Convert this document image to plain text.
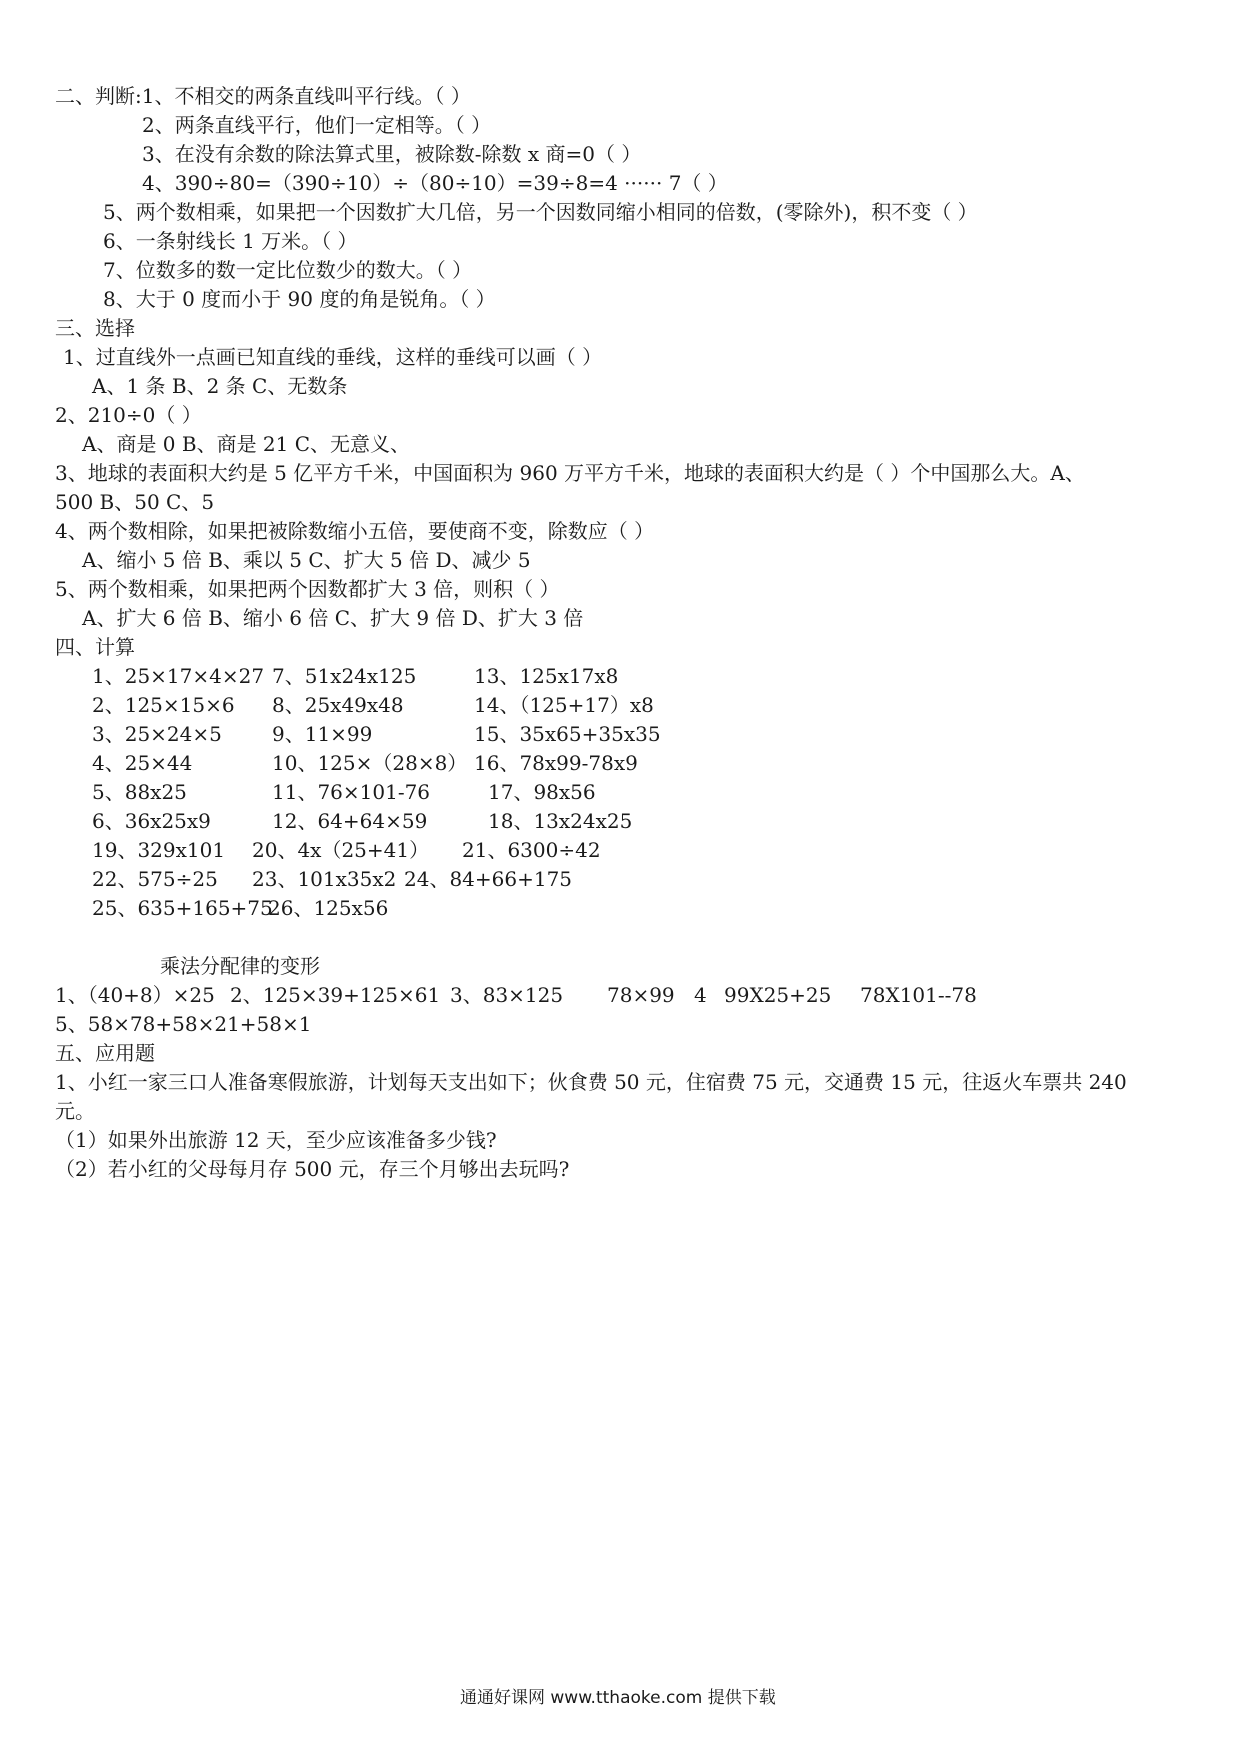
二、判断:1、不相交的两条直线叫平行线。（ ）
2、两条直线平行，他们一定相等。（ ）
3、在没有余数的除法算式里，被除数-除数 x 商=0（ ）
4、390÷80=（390÷10）÷（80÷10）=39÷8=4 ······ 7（ ）
5、两个数相乘，如果把一个因数扩大几倍，另一个因数同缩小相同的倍数，(零除外)，积不变（ ）
6、一条射线长 1 万米。（ ）
7、位数多的数一定比位数少的数大。（ ）
8、大于 0 度而小于 90 度的角是锐角。（ ）
三、选择
1、过直线外一点画已知直线的垂线，这样的垂线可以画（ ）
A、1 条 B、2 条 C、无数条
2、210÷0（ ）
A、商是 0 B、商是 21 C、无意义、
3、地球的表面积大约是 5 亿平方千米，中国面积为 960 万平方千米，地球的表面积大约是（ ）个中国那么大。A、
500 B、50 C、5
4、两个数相除，如果把被除数缩小五倍，要使商不变，除数应（ ）
A、缩小 5 倍 B、乘以 5 C、扩大 5 倍 D、减少 5
5、两个数相乘，如果把两个因数都扩大 3 倍，则积（ ）
A、扩大 6 倍 B、缩小 6 倍 C、扩大 9 倍 D、扩大 3 倍
四、计算
1、25×17×4×27 7、51x24x125	13、125x17x8
2、125×15×6 8、25x49x48	14、（125+17）x8
3、25×24×5	9、11×99	15、35x65+35x35
4、25×44	10、125×（28×8） 16、78x99-78x9
5、88x25	11、76×101-76	17、98x56
6、36x25x9	12、64+64×59	18、13x24x25
19、329x101 20、4x（25+41） 21、6300÷42
22、575÷25 23、101x35x2 24、84+66+175
25、635+165+75
26、125x56
乘法分配律的变形
1、（40+8）×25 2、125×39+125×61 3、83×125 78×99 4 99X25+25 78X101--78
5、58×78+58×21+58×1
五、应用题
1、小红一家三口人准备寒假旅游，计划每天支出如下；伙食费 50 元，住宿费 75 元，交通费 15 元，往返火车票共 240
元。
（1）如果外出旅游 12 天，至少应该准备多少钱?
（2）若小红的父母每月存 500 元，存三个月够出去玩吗?
通通好课网 www.tthaoke.com 提供下载
